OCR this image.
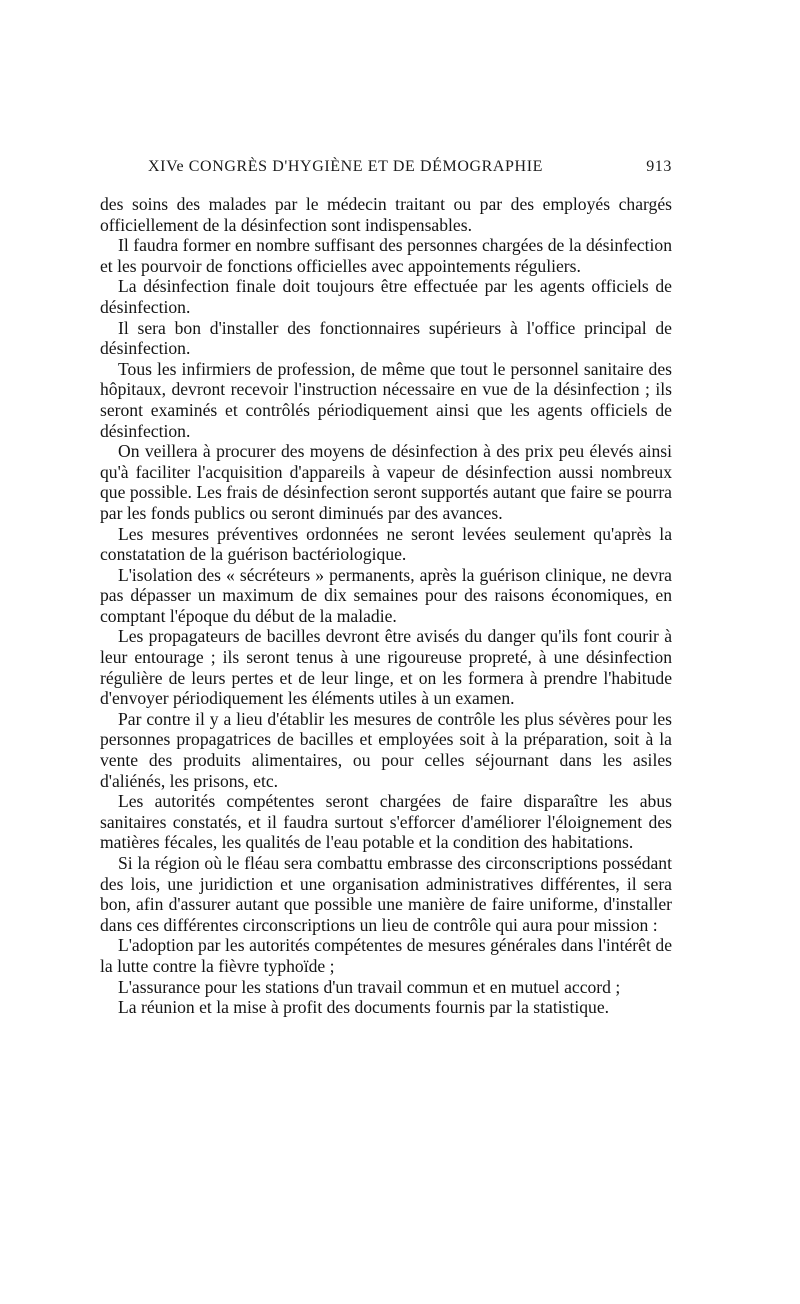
XIVe CONGRÈS D'HYGIÈNE ET DE DÉMOGRAPHIE	913

des soins des malades par le médecin traitant ou par des employés chargés officiellement de la désinfection sont indispensables.

Il faudra former en nombre suffisant des personnes chargées de la désinfection et les pourvoir de fonctions officielles avec appointements réguliers.

La désinfection finale doit toujours être effectuée par les agents officiels de désinfection.

Il sera bon d'installer des fonctionnaires supérieurs à l'office principal de désinfection.

Tous les infirmiers de profession, de même que tout le personnel sanitaire des hôpitaux, devront recevoir l'instruction nécessaire en vue de la désinfection ; ils seront examinés et contrôlés périodiquement ainsi que les agents officiels de désinfection.

On veillera à procurer des moyens de désinfection à des prix peu élevés ainsi qu'à faciliter l'acquisition d'appareils à vapeur de désinfection aussi nombreux que possible. Les frais de désinfection seront supportés autant que faire se pourra par les fonds publics ou seront diminués par des avances.

Les mesures préventives ordonnées ne seront levées seulement qu'après la constatation de la guérison bactériologique.

L'isolation des « sécréteurs » permanents, après la guérison clinique, ne devra pas dépasser un maximum de dix semaines pour des raisons économiques, en comptant l'époque du début de la maladie.

Les propagateurs de bacilles devront être avisés du danger qu'ils font courir à leur entourage ; ils seront tenus à une rigoureuse propreté, à une désinfection régulière de leurs pertes et de leur linge, et on les formera à prendre l'habitude d'envoyer périodiquement les éléments utiles à un examen.

Par contre il y a lieu d'établir les mesures de contrôle les plus sévères pour les personnes propagatrices de bacilles et employées soit à la préparation, soit à la vente des produits alimentaires, ou pour celles séjournant dans les asiles d'aliénés, les prisons, etc.

Les autorités compétentes seront chargées de faire disparaître les abus sanitaires constatés, et il faudra surtout s'efforcer d'améliorer l'éloignement des matières fécales, les qualités de l'eau potable et la condition des habitations.

Si la région où le fléau sera combattu embrasse des circonscriptions possédant des lois, une juridiction et une organisation administratives différentes, il sera bon, afin d'assurer autant que possible une manière de faire uniforme, d'installer dans ces différentes circonscriptions un lieu de contrôle qui aura pour mission :

L'adoption par les autorités compétentes de mesures générales dans l'intérêt de la lutte contre la fièvre typhoïde ;

L'assurance pour les stations d'un travail commun et en mutuel accord ;

La réunion et la mise à profit des documents fournis par la statistique.
